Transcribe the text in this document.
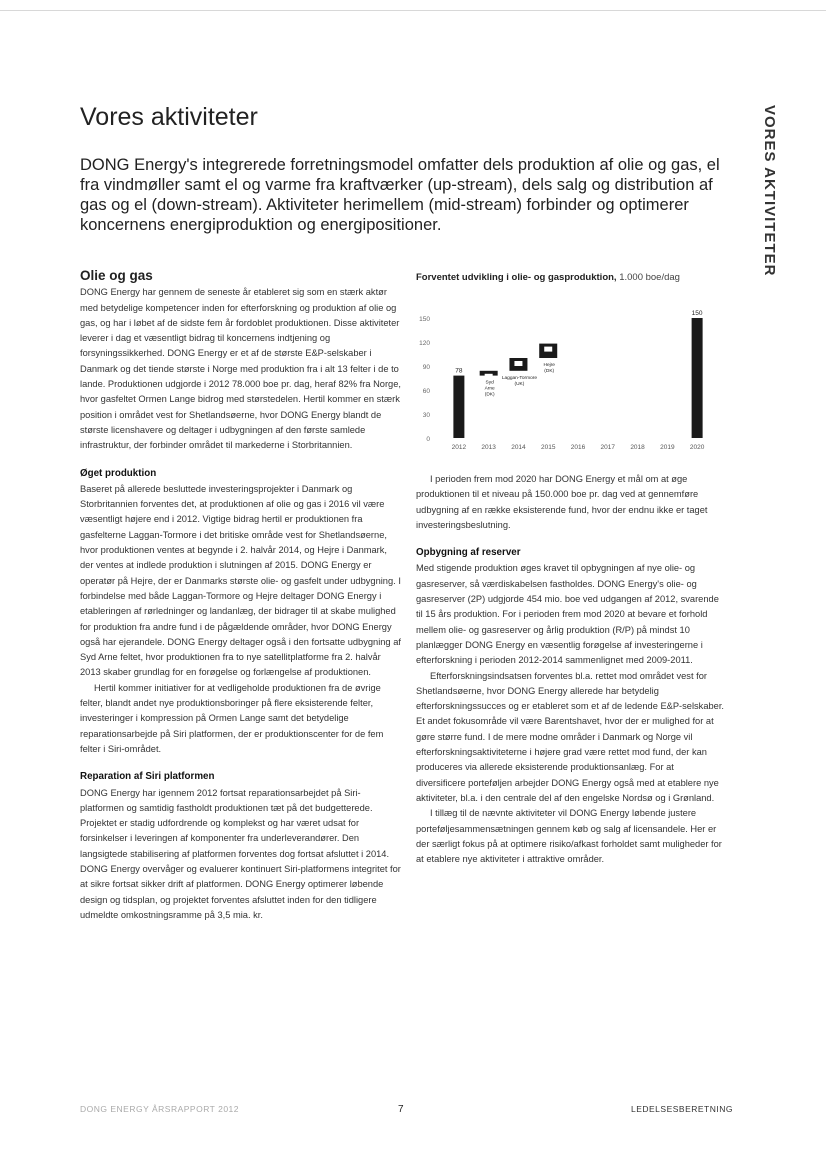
VORES AKTIVITETER
Vores aktiviteter

DONG Energy's integrerede forretningsmodel omfatter dels produktion af olie og gas, el fra vindmøller samt el og varme fra kraftværker (up-stream), dels salg og distribution af gas og el (down-stream). Aktiviteter herimellem (mid-stream) forbinder og optimerer koncernens energiproduktion og energipositioner.

Olie og gas

DONG Energy har gennem de seneste år etableret sig som en stærk aktør med betydelige kompetencer inden for efterforskning og produktion af olie og gas, og har i løbet af de sidste fem år fordoblet produktionen. Disse aktiviteter leverer i dag et væsentligt bidrag til koncernens indtjening og forsyningssikkerhed. DONG Energy er et af de største E&P-selskaber i Danmark og det tiende største i Norge med produktion fra i alt 13 felter i de to lande. Produktionen udgjorde i 2012 78.000 boe pr. dag, heraf 82% fra Norge, hvor gasfeltet Ormen Lange bidrog med størstedelen. Hertil kommer en stærk position i området vest for Shetlandsøerne, hvor DONG Energy blandt de største licenshavere og deltager i udbygningen af den første samlede infrastruktur, der forbinder området til markederne i Storbritannien.

Øget produktion

Baseret på allerede besluttede investeringsprojekter i Danmark og Storbritannien forventes det, at produktionen af olie og gas i 2016 vil være væsentligt højere end i 2012. Vigtige bidrag hertil er produktionen fra gasfelterne Laggan-Tormore i det britiske område vest for Shetlandsøerne, hvor produktionen ventes at begynde i 2. halvår 2014, og Hejre i Danmark, der ventes at indlede produktion i slutningen af 2015. DONG Energy er operatør på Hejre, der er Danmarks største olie- og gasfelt under udbygning. I forbindelse med både Laggan-Tormore og Hejre deltager DONG Energy i etableringen af rørledninger og landanlæg, der bidrager til at skabe mulighed for produktion fra andre fund i de pågældende områder, hvor DONG Energy også har ejerandele. DONG Energy deltager også i den fortsatte udbygning af Syd Arne feltet, hvor produktionen fra to nye satellitplatforme fra 2. halvår 2013 skaber grundlag for en forøgelse og forlængelse af produktionen.

Hertil kommer initiativer for at vedligeholde produktionen fra de øvrige felter, blandt andet nye produktionsboringer på flere eksisterende felter, investeringer i kompression på Ormen Lange samt det betydelige reparationsarbejde på Siri platformen, der er produktionscenter for de fem felter i Siri-området.

Reparation af Siri platformen

DONG Energy har igennem 2012 fortsat reparationsarbejdet på Siri-platformen og samtidig fastholdt produktionen tæt på det budgetterede. Projektet er stadig udfordrende og komplekst og har været udsat for forsinkelser i leveringen af komponenter fra underleverandører. Den langsigtede stabilisering af platformen forventes dog fortsat afsluttet i 2014. DONG Energy overvåger og evaluerer kontinuert Siri-platformens integritet for at sikre fortsat sikker drift af platformen. DONG Energy optimerer løbende design og tidsplan, og projektet forventes afsluttet inden for den tidligere udmeldte omkostningsramme på 3,5 mia. kr.

Forventet udvikling i olie- og gasproduktion, 1.000 boe/dag
0
30
60
90
120
150
2012 2013 2014 2015 2016 2017 2018 2019 2020
78
150
Syd
Arne
(DK)
Laggan-Tormore
(UK)
Hejre
(DK)

I perioden frem mod 2020 har DONG Energy et mål om at øge produktionen til et niveau på 150.000 boe pr. dag ved at gennemføre udbygning af en række eksisterende fund, hvor der endnu ikke er taget investeringsbeslutning.

Opbygning af reserver

Med stigende produktion øges kravet til opbygningen af nye olie- og gasreserver, så værdiskabelsen fastholdes. DONG Energy's olie- og gasreserver (2P) udgjorde 454 mio. boe ved udgangen af 2012, svarende til 15 års produktion. For i perioden frem mod 2020 at bevare et forhold mellem olie- og gasreserver og årlig produktion (R/P) på mindst 10 planlægger DONG Energy en væsentlig forøgelse af investeringerne i efterforskning i perioden 2012-2014 sammenlignet med 2009-2011.

Efterforskningsindsatsen forventes bl.a. rettet mod området vest for Shetlandsøerne, hvor DONG Energy allerede har betydelig efterforskningssucces og er etableret som et af de ledende E&P-selskaber. Et andet fokusområde vil være Barentshavet, hvor der er mulighed for at gøre større fund. I de mere modne områder i Danmark og Norge vil efterforskningsaktiviteterne i højere grad være rettet mod fund, der kan produceres via allerede eksisterende produktionsanlæg. For at diversificere porteføljen arbejder DONG Energy også med at etablere nye aktiviteter, bl.a. i den centrale del af den engelske Nordsø og i Grønland.

I tillæg til de nævnte aktiviteter vil DONG Energy løbende justere porteføljesammensætningen gennem køb og salg af licensandele. Her er der særligt fokus på at optimere risiko/afkast forholdet samt muligheder for at etablere nye aktiviteter i attraktive områder.

DONG ENERGY ÅRSRAPPORT 2012	7	LEDELSESBERETNING
